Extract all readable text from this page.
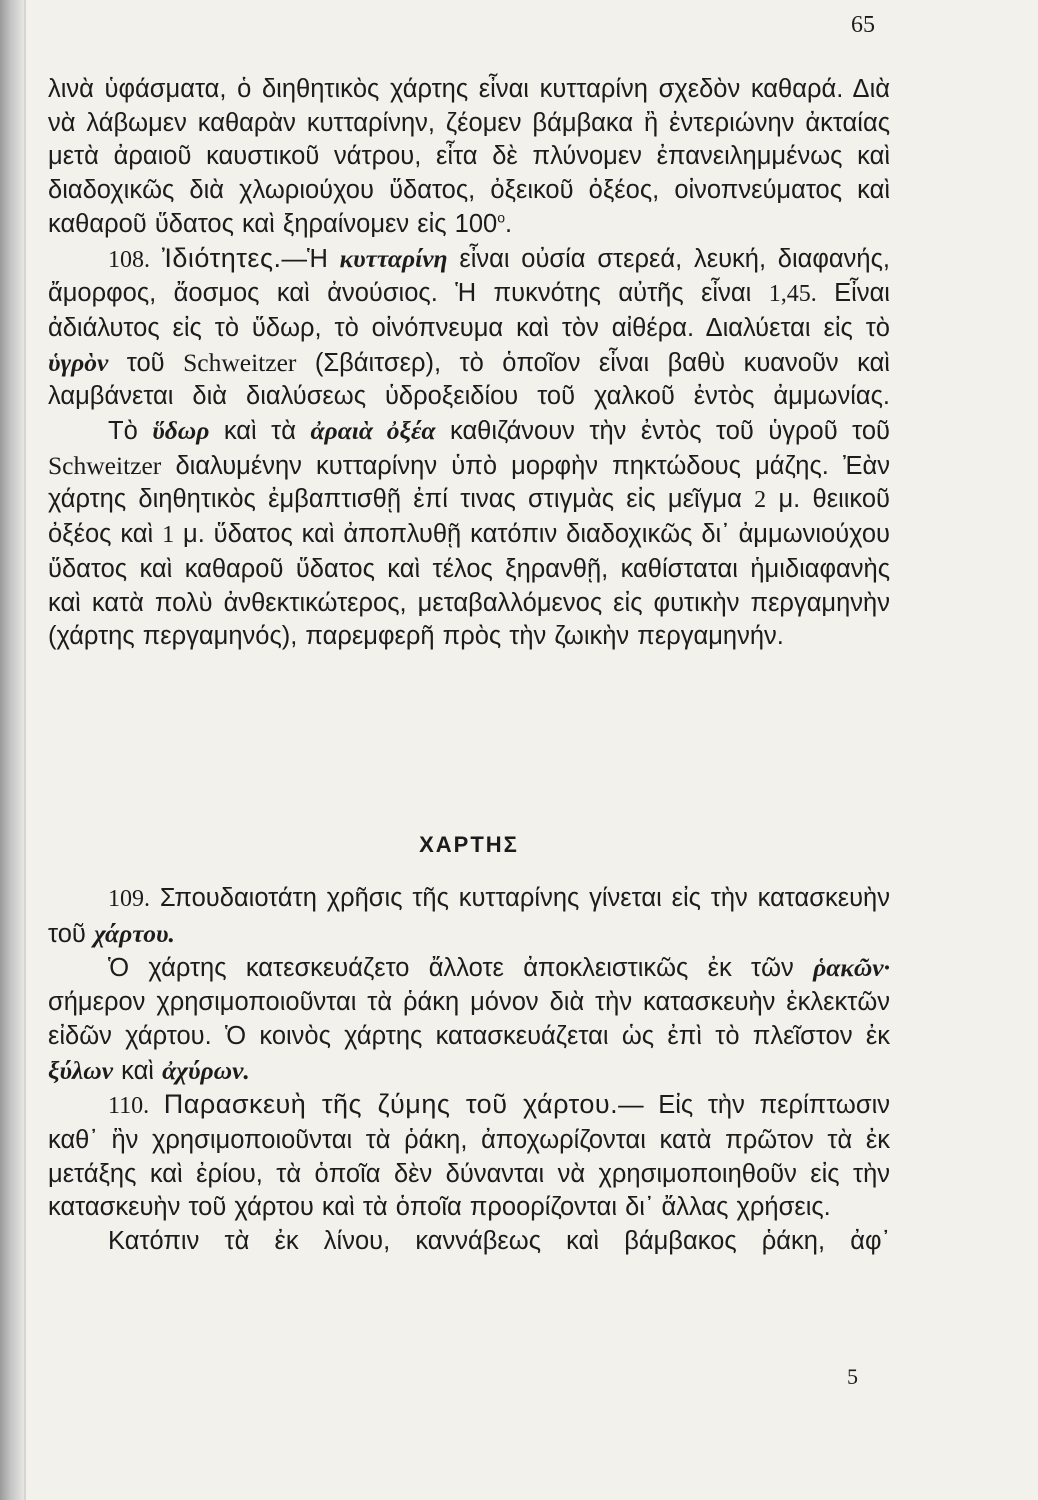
65

λινὰ ὑφάσματα, ὁ διηθητικὸς χάρτης εἶναι κυτταρίνη σχεδὸν καθαρά. Διὰ νὰ λάβωμεν καθαρὰν κυτταρίνην, ζέομεν βάμβακα ἢ ἐντεριώνην ἀκταίας μετὰ ἀραιοῦ καυστικοῦ νάτρου, εἶτα δὲ πλύνομεν ἐπανειλημμένως καὶ διαδοχικῶς διὰ χλωριούχου ὕδατος, ὀξεικοῦ ὀξέος, οἰνοπνεύματος καὶ καθαροῦ ὕδατος καὶ ξηραίνομεν εἰς $100^o$.

108. Ἰδιότητες.—Ἡ κυτταρίνη εἶναι οὐσία στερεά, λευκή, διαφανής, ἄμορφος, ἄοσμος καὶ ἀνούσιος. Ἡ πυκνότης αὐτῆς εἶναι 1,45. Εἶναι ἀδιάλυτος εἰς τὸ ὕδωρ, τὸ οἰνόπνευμα καὶ τὸν αἰθέρα. Διαλύεται εἰς τὸ ὑγρὸν τοῦ Schweitzer (Σβάιτσερ), τὸ ὁποῖον εἶναι βαθὺ κυανοῦν καὶ λαμβάνεται διὰ διαλύσεως ὑδροξειδίου τοῦ χαλκοῦ ἐντὸς ἀμμωνίας.

Τὸ ὕδωρ καὶ τὰ ἀραιὰ ὀξέα καθιζάνουν τὴν ἐντὸς τοῦ ὑγροῦ τοῦ Schweitzer διαλυμένην κυτταρίνην ὑπὸ μορφὴν πηκτώδους μάζης. Ἐὰν χάρτης διηθητικὸς ἐμβαπτισθῇ ἐπί τινας στιγμὰς εἰς μεῖγμα 2 μ. θειικοῦ ὀξέος καὶ 1 μ. ὕδατος καὶ ἀποπλυθῇ κατόπιν διαδοχικῶς δι᾽ ἀμμωνιούχου ὕδατος καὶ καθαροῦ ὕδατος καὶ τέλος ξηρανθῇ, καθίσταται ἡμιδιαφανὴς καὶ κατὰ πολὺ ἀνθεκτικώτερος, μεταβαλλόμενος εἰς φυτικὴν περγαμηνὴν (χάρτης περγαμηνός), παρεμφερῆ πρὸς τὴν ζωικὴν περγαμηνήν.

ΧΑΡΤΗΣ

109. Σπουδαιοτάτη χρῆσις τῆς κυτταρίνης γίνεται εἰς τὴν κατασκευὴν τοῦ χάρτου.

Ὁ χάρτης κατεσκευάζετο ἄλλοτε ἀποκλειστικῶς ἐκ τῶν ῥακῶν· σήμερον χρησιμοποιοῦνται τὰ ῥάκη μόνον διὰ τὴν κατασκευὴν ἐκλεκτῶν εἰδῶν χάρτου. Ὁ κοινὸς χάρτης κατασκευάζεται ὡς ἐπὶ τὸ πλεῖστον ἐκ ξύλων καὶ ἀχύρων.

110. Παρασκευὴ τῆς ζύμης τοῦ χάρτου.— Εἰς τὴν περίπτωσιν καθ᾽ ἣν χρησιμοποιοῦνται τὰ ῥάκη, ἀποχωρίζονται κατὰ πρῶτον τὰ ἐκ μετάξης καὶ ἐρίου, τὰ ὁποῖα δὲν δύνανται νὰ χρησιμοποιηθοῦν εἰς τὴν κατασκευὴν τοῦ χάρτου καὶ τὰ ὁποῖα προορίζονται δι᾽ ἄλλας χρήσεις.

Κατόπιν τὰ ἐκ λίνου, καννάβεως καὶ βάμβακος ῥάκη, ἀφ᾽

5
